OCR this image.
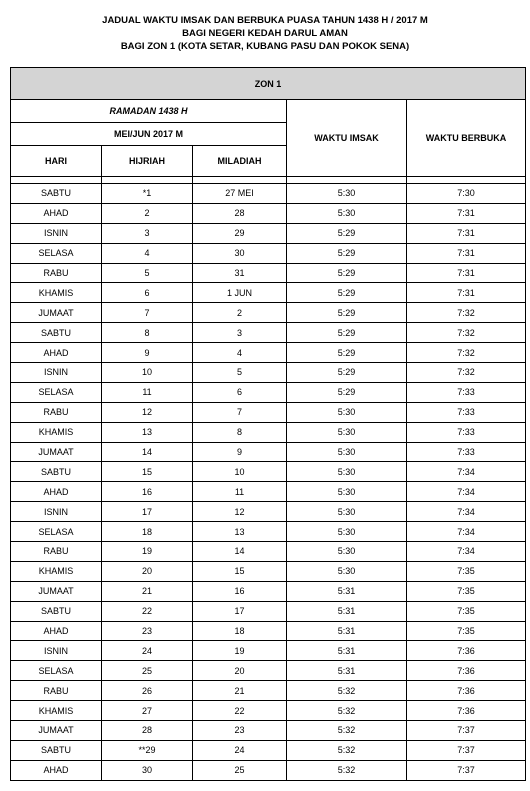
JADUAL WAKTU IMSAK DAN BERBUKA PUASA TAHUN 1438 H / 2017 M
BAGI NEGERI KEDAH DARUL AMAN
BAGI ZON 1 (KOTA SETAR, KUBANG PASU DAN POKOK SENA)
ZON 1				
RAMADAN 1438 H			WAKTU IMSAK	WAKTU BERBUKA
MEI/JUN 2017 M				
HARI	HIJRIAH	MILADIAH		

SABTU	*1	27 MEI	5:30	7:30
AHAD	2	28	5:30	7:31
ISNIN	3	29	5:29	7:31
SELASA	4	30	5:29	7:31
RABU	5	31	5:29	7:31
KHAMIS	6	1 JUN	5:29	7:31
JUMAAT	7	2	5:29	7:32
SABTU	8	3	5:29	7:32
AHAD	9	4	5:29	7:32
ISNIN	10	5	5:29	7:32
SELASA	11	6	5:29	7:33
RABU	12	7	5:30	7:33
KHAMIS	13	8	5:30	7:33
JUMAAT	14	9	5:30	7:33
SABTU	15	10	5:30	7:34
AHAD	16	11	5:30	7:34
ISNIN	17	12	5:30	7:34
SELASA	18	13	5:30	7:34
RABU	19	14	5:30	7:34
KHAMIS	20	15	5:30	7:35
JUMAAT	21	16	5:31	7:35
SABTU	22	17	5:31	7:35
AHAD	23	18	5:31	7:35
ISNIN	24	19	5:31	7:36
SELASA	25	20	5:31	7:36
RABU	26	21	5:32	7:36
KHAMIS	27	22	5:32	7:36
JUMAAT	28	23	5:32	7:37
SABTU	**29	24	5:32	7:37
AHAD	30	25	5:32	7:37
